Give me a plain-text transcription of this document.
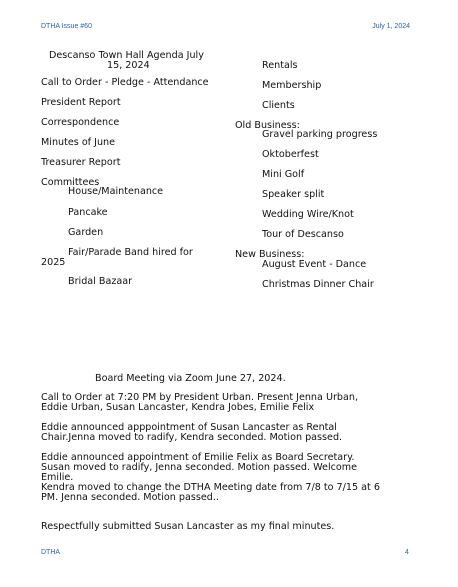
DTHA Issue #60	July 1, 2024
Descanso Town Hall Agenda July
15, 2024
Call to Order - Pledge - Attendance
President Report
Correspondence
Minutes of June
Treasurer Report
Committees
House/Maintenance
Pancake
Garden
Fair/Parade Band hired for
2025
Bridal Bazaar
Rentals
Membership
Clients
Old Business:
Gravel parking progress
Oktoberfest
Mini Golf
Speaker split
Wedding Wire/Knot
Tour of Descanso
New Business:
August Event - Dance
Christmas Dinner Chair
Board Meeting via Zoom June 27, 2024.
Call to Order at 7:20 PM by President Urban. Present Jenna Urban, Eddie Urban, Susan Lancaster, Kendra Jobes, Emilie Felix
Eddie announced apppointment of Susan Lancaster as Rental Chair.Jenna moved to radify, Kendra seconded. Motion passed.
Eddie announced appointment of Emilie Felix as Board Secretary. Susan moved to radify, Jenna seconded. Motion passed. Welcome Emilie.
Kendra moved to change the DTHA Meeting date from 7/8 to 7/15 at 6 PM. Jenna seconded. Motion passed..
Respectfully submitted Susan Lancaster as my final minutes.
DTHA	4
